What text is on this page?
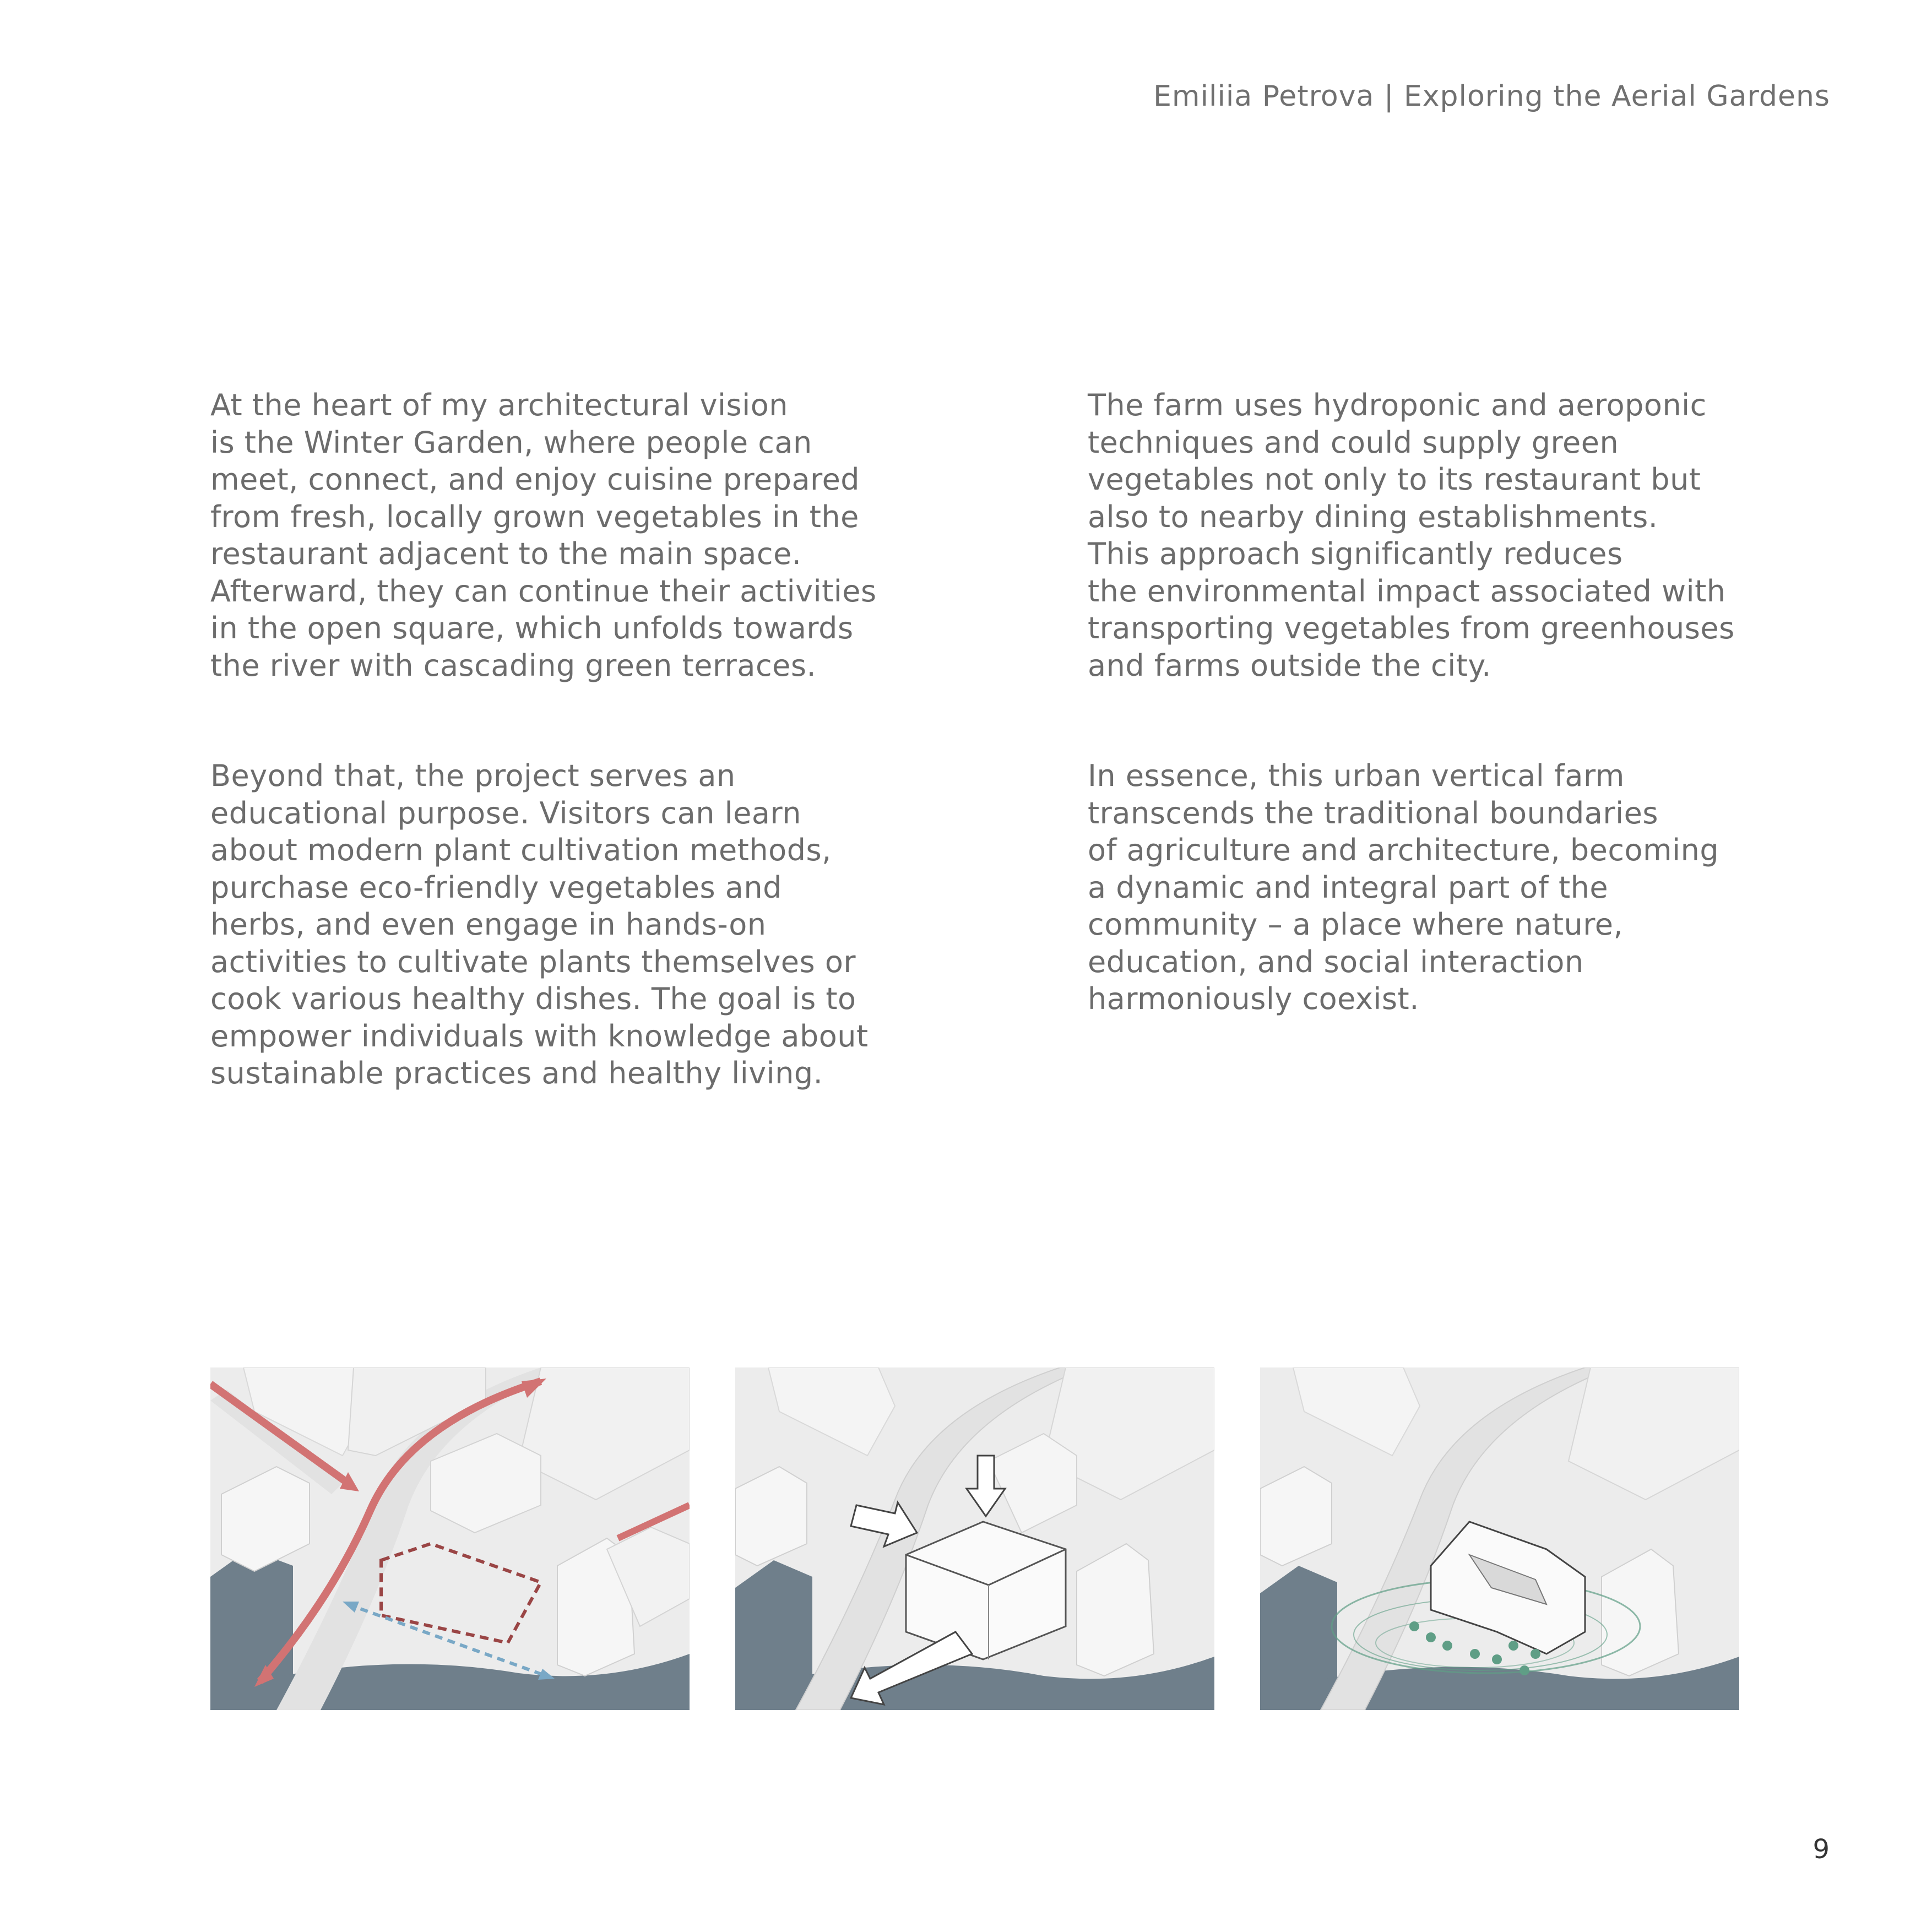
Emiliia Petrova | Exploring the Aerial Gardens

At the heart of my architectural vision
is the Winter Garden, where people can
meet, connect, and enjoy cuisine prepared
from fresh, locally grown vegetables in the
restaurant adjacent to the main space.
Afterward, they can continue their activities
in the open square, which unfolds towards
the river with cascading green terraces.

The farm uses hydroponic and aeroponic
techniques and could supply green
vegetables not only to its restaurant but
also to nearby dining establishments.
This approach significantly reduces
the environmental impact associated with
transporting vegetables from greenhouses
and farms outside the city.

Beyond that, the project serves an
educational purpose. Visitors can learn
about modern plant cultivation methods,
purchase eco-friendly vegetables and
herbs, and even engage in hands-on
activities to cultivate plants themselves or
cook various healthy dishes. The goal is to
empower individuals with knowledge about
sustainable practices and healthy living.

In essence, this urban vertical farm
transcends the traditional boundaries
of agriculture and architecture, becoming
a dynamic and integral part of the
community – a place where nature,
education, and social interaction
harmoniously coexist.

9
